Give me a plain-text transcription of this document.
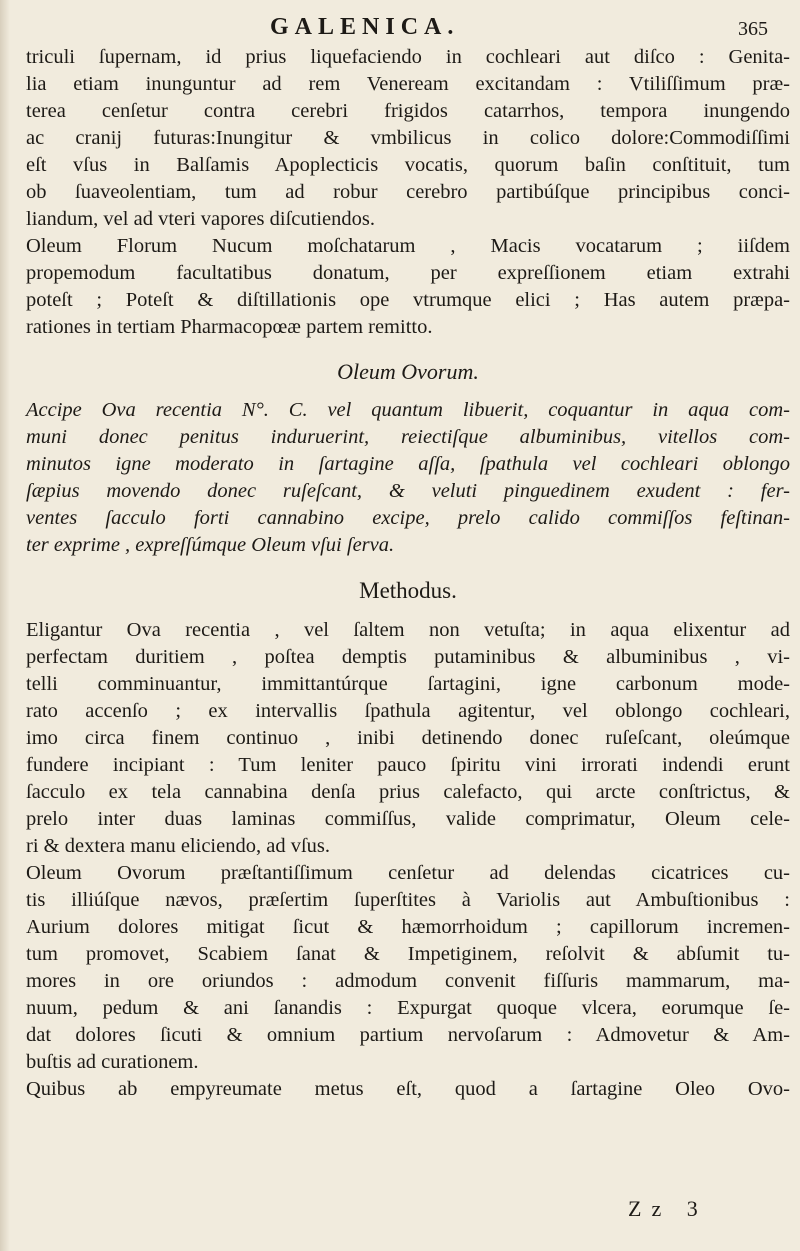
GALENICA.	365
triculi ſupernam, id prius liquefaciendo in cochleari aut diſco : Genita-
lia etiam inunguntur ad rem Veneream excitandam : Vtiliſſimum præ-
terea cenſetur contra cerebri frigidos catarrhos, tempora inungendo
ac cranij futuras:Inungitur & vmbilicus in colico dolore:Commodiſſimi
eſt vſus in Balſamis Apoplecticis vocatis, quorum baſin conſtituit, tum
ob ſuaveolentiam, tum ad robur cerebro partibúſque principibus conci-
liandum, vel ad vteri vapores diſcutiendos.
Oleum Florum Nucum moſchatarum , Macis vocatarum ; iiſdem
propemodum facultatibus donatum, per expreſſionem etiam extrahi
poteſt ; Poteſt & diſtillationis ope vtrumque elici ; Has autem præpa-
rationes in tertiam Pharmacopœæ partem remitto.
Oleum Ovorum.
Accipe Ova recentia N°. C. vel quantum libuerit, coquantur in aqua com-
muni donec penitus induruerint, reiectiſque albuminibus, vitellos com-
minutos igne moderato in ſartagine aſſa, ſpathula vel cochleari oblongo
ſæpius movendo donec ruſeſcant, & veluti pinguedinem exudent : fer-
ventes ſacculo forti cannabino excipe, prelo calido commiſſos feſtinan-
ter exprime , expreſſúmque Oleum vſui ſerva.
Methodus.
Eligantur Ova recentia , vel ſaltem non vetuſta; in aqua elixentur ad
perfectam duritiem , poſtea demptis putaminibus & albuminibus , vi-
telli comminuantur, immittantúrque ſartagini, igne carbonum mode-
rato accenſo ; ex intervallis ſpathula agitentur, vel oblongo cochleari,
imo circa finem continuo , inibi detinendo donec ruſeſcant, oleúmque
fundere incipiant : Tum leniter pauco ſpiritu vini irrorati indendi erunt
ſacculo ex tela cannabina denſa prius calefacto, qui arcte conſtrictus, &
prelo inter duas laminas commiſſus, valide comprimatur, Oleum cele-
ri & dextera manu eliciendo, ad vſus.
Oleum Ovorum præſtantiſſimum cenſetur ad delendas cicatrices cu-
tis illiúſque nævos, præſertim ſuperſtites à Variolis aut Ambuſtionibus :
Aurium dolores mitigat ſicut & hæmorrhoidum ; capillorum incremen-
tum promovet, Scabiem ſanat & Impetiginem, reſolvit & abſumit tu-
mores in ore oriundos : admodum convenit fiſſuris mammarum, ma-
nuum, pedum & ani ſanandis : Expurgat quoque vlcera, eorumque ſe-
dat dolores ſicuti & omnium partium nervoſarum : Admovetur & Am-
buſtis ad curationem.
Quibus ab empyreumate metus eſt, quod a ſartagine Oleo Ovo-
Zz 3
